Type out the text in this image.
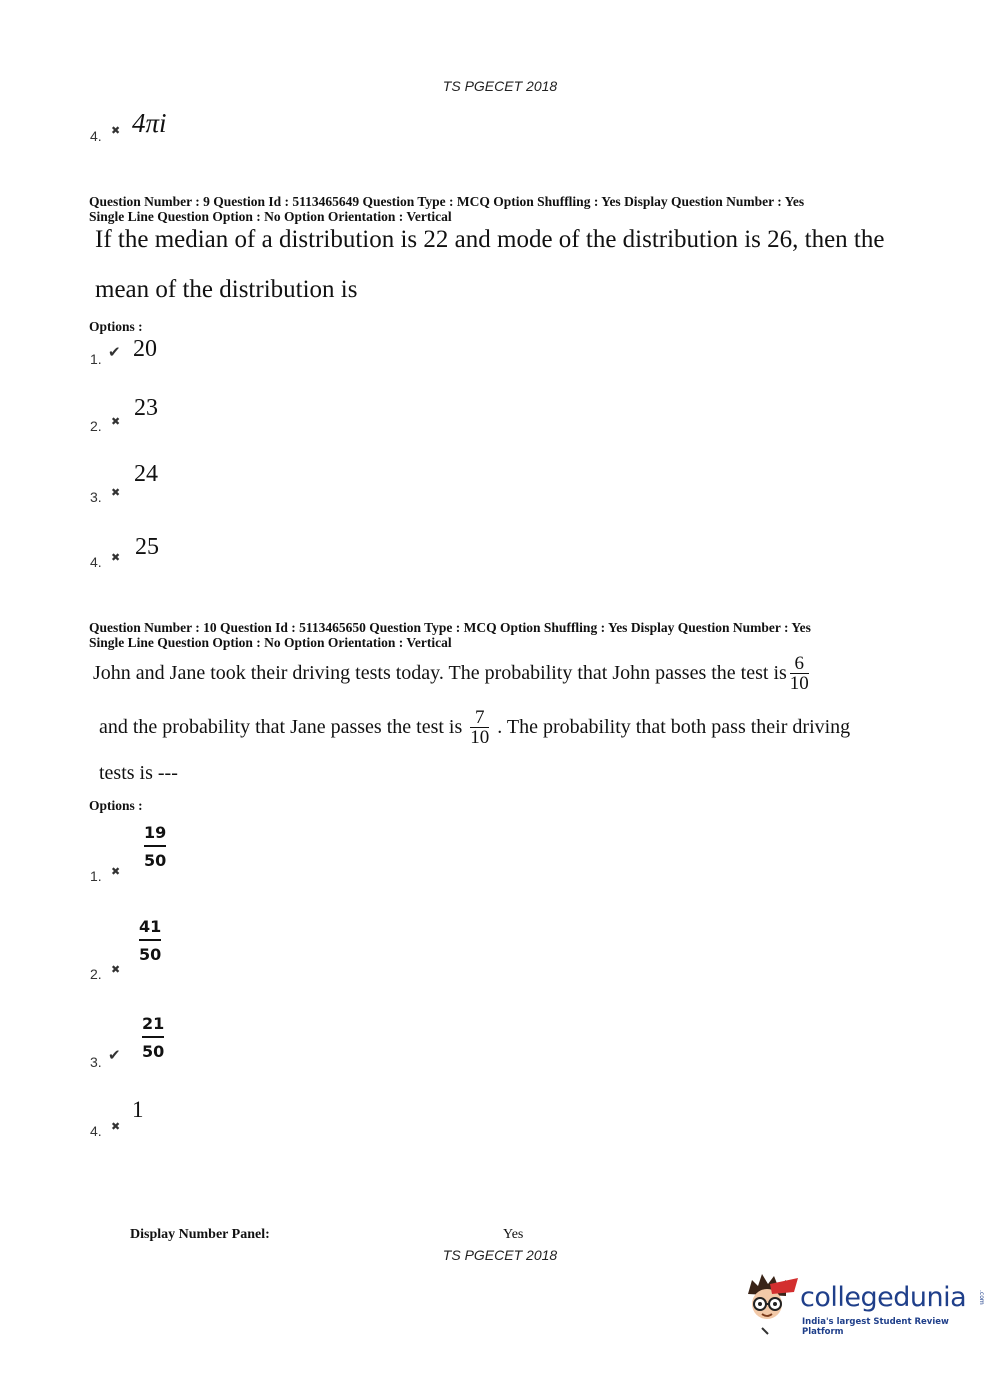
TS PGECET 2018
4. ✖ 4πi
Question Number : 9 Question Id : 5113465649 Question Type : MCQ Option Shuffling : Yes Display Question Number : Yes
Single Line Question Option : No Option Orientation : Vertical
If the median of a distribution is 22 and mode of the distribution is 26, then the
mean of the distribution is
Options :
1. ✔ 20
2. ✖
23
3. ✖
24
4. ✖ 25
Question Number : 10 Question Id : 5113465650 Question Type : MCQ Option Shuffling : Yes Display Question Number : Yes
Single Line Question Option : No Option Orientation : Vertical
John and Jane took their driving tests today. The probability that John passes the test is $\frac{6}{10}$
and the probability that Jane passes the test is $\frac{7}{10}$ . The probability that both pass their driving
tests is ---
Options :
1. ✖
19
50
2. ✖
41
50
3. ✔
21
50
4. ✖
1
Display Number Panel:	Yes
TS PGECET 2018
collegedunia .com
India's largest Student Review Platform
